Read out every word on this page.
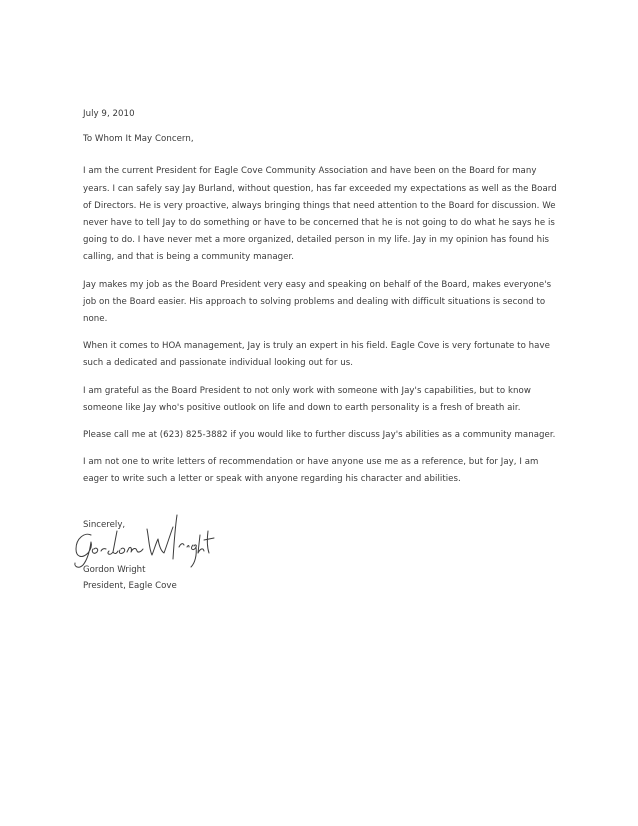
July 9, 2010
To Whom It May Concern,

I am the current President for Eagle Cove Community Association and have been on the Board for many years. I can safely say Jay Burland, without question, has far exceeded my expectations as well as the Board of Directors. He is very proactive, always bringing things that need attention to the Board for discussion. We never have to tell Jay to do something or have to be concerned that he is not going to do what he says he is going to do. I have never met a more organized, detailed person in my life. Jay in my opinion has found his calling, and that is being a community manager.

Jay makes my job as the Board President very easy and speaking on behalf of the Board, makes everyone's job on the Board easier. His approach to solving problems and dealing with difficult situations is second to none.

When it comes to HOA management, Jay is truly an expert in his field. Eagle Cove is very fortunate to have such a dedicated and passionate individual looking out for us.

I am grateful as the Board President to not only work with someone with Jay's capabilities, but to know someone like Jay who's positive outlook on life and down to earth personality is a fresh of breath air.

Please call me at (623) 825-3882 if you would like to further discuss Jay's abilities as a community manager.

I am not one to write letters of recommendation or have anyone use me as a reference, but for Jay, I am eager to write such a letter or speak with anyone regarding his character and abilities.

Sincerely,
Gordon Wright
President, Eagle Cove
